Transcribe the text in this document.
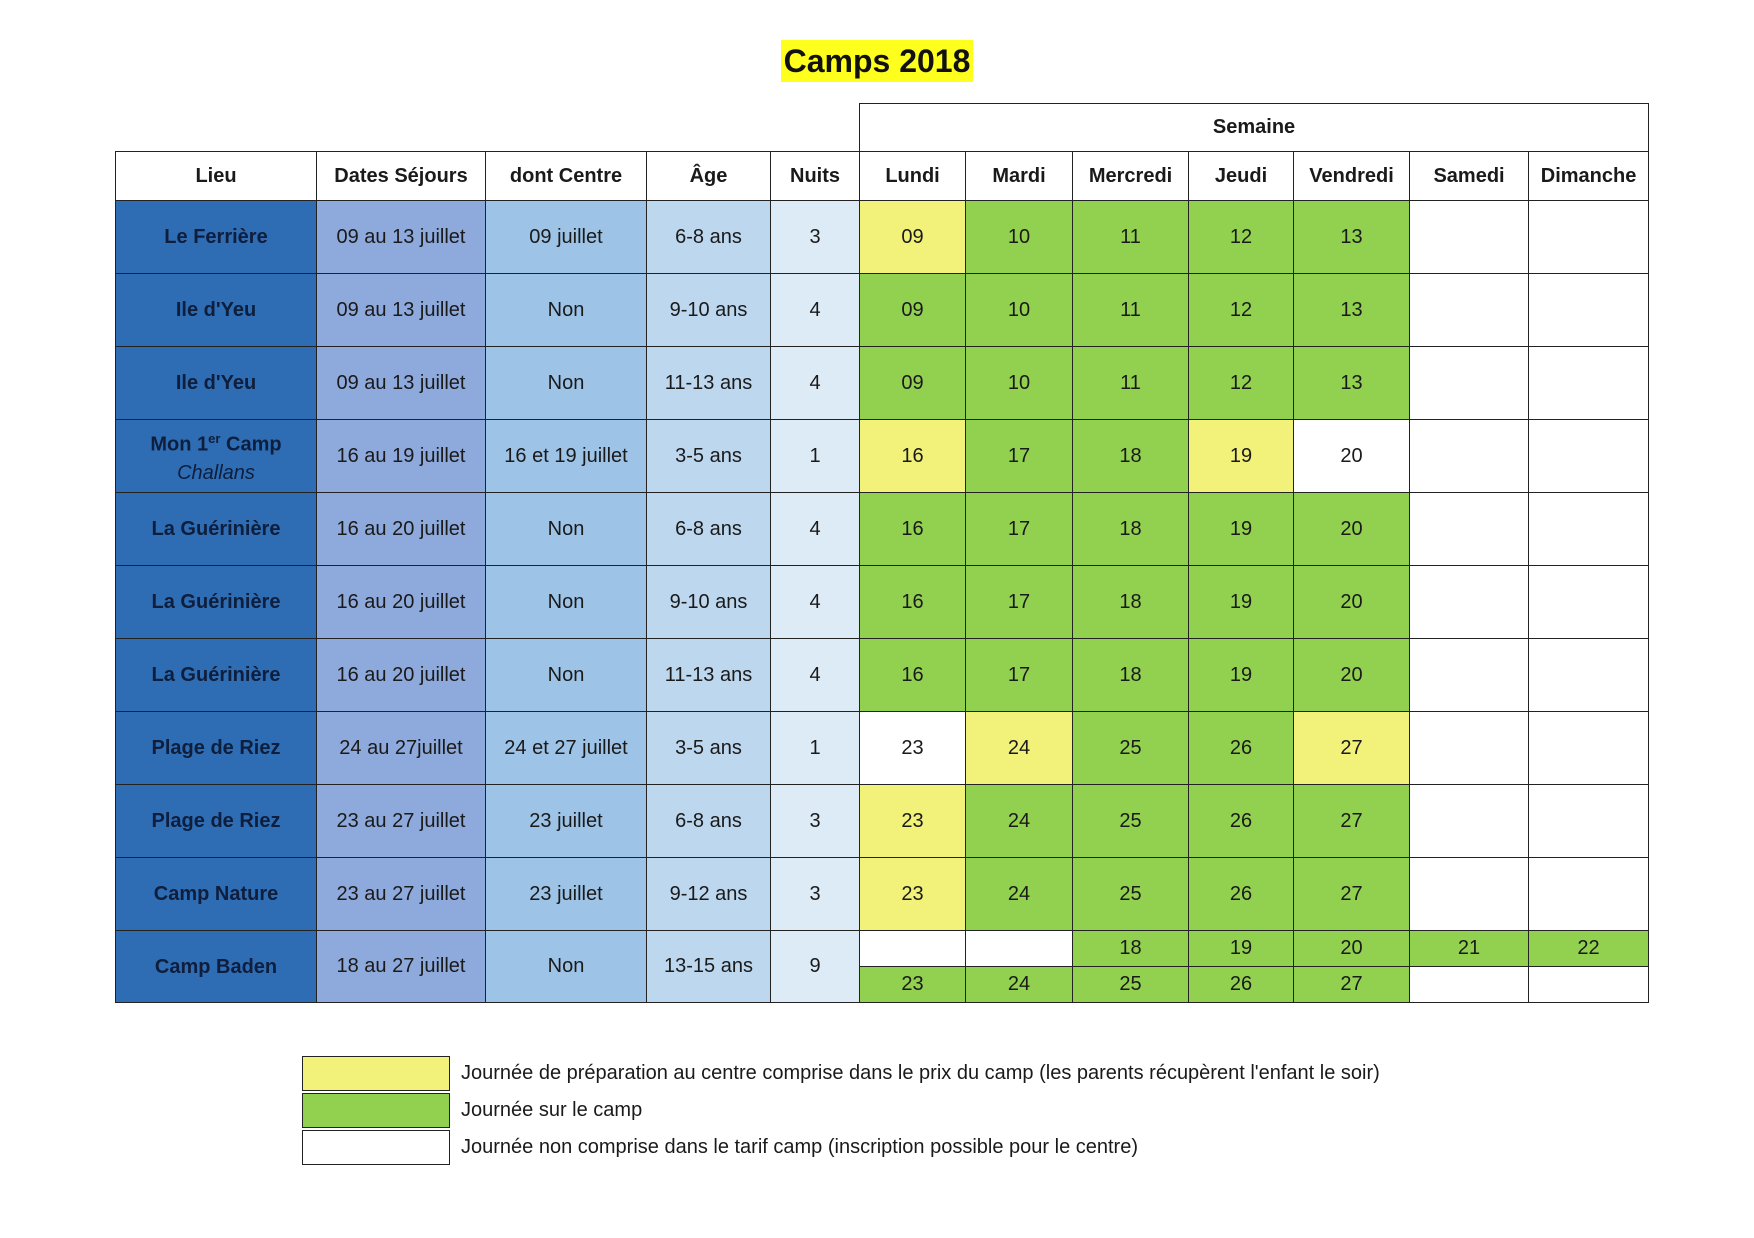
Camps 2018
					Semaine						
Lieu	Dates Séjours	dont Centre	Âge	Nuits	Lundi	Mardi	Mercredi	Jeudi	Vendredi	Samedi	Dimanche
Le Ferrière	09 au 13 juillet	09 juillet	6-8 ans	3	09	10	11	12	13		
Ile d'Yeu	09 au 13 juillet	Non	9-10 ans	4	09	10	11	12	13		
Ile d'Yeu	09 au 13 juillet	Non	11-13 ans	4	09	10	11	12	13		

Mon 1er Camp
Challans	16 au 19 juillet	16 et 19 juillet	3-5 ans	1	16	17	18	19	20		
La Guérinière	16 au 20 juillet	Non	6-8 ans	4	16	17	18	19	20		
La Guérinière	16 au 20 juillet	Non	9-10 ans	4	16	17	18	19	20		
La Guérinière	16 au 20 juillet	Non	11-13 ans	4	16	17	18	19	20		
Plage de Riez	24 au 27juillet	24 et 27 juillet	3-5 ans	1	23	24	25	26	27		
Plage de Riez	23 au 27 juillet	23 juillet	6-8 ans	3	23	24	25	26	27		
Camp Nature	23 au 27 juillet	23 juillet	9-12 ans	3	23	24	25	26	27		
Camp Baden	18 au 27 juillet	Non	13-15 ans	9			18	19	20	21	22
					23	24	25	26	27		
Journée de préparation au centre comprise dans le prix du camp (les parents récupèrent l'enfant le soir)
Journée sur le camp
Journée non comprise dans le tarif camp (inscription possible pour le centre)
